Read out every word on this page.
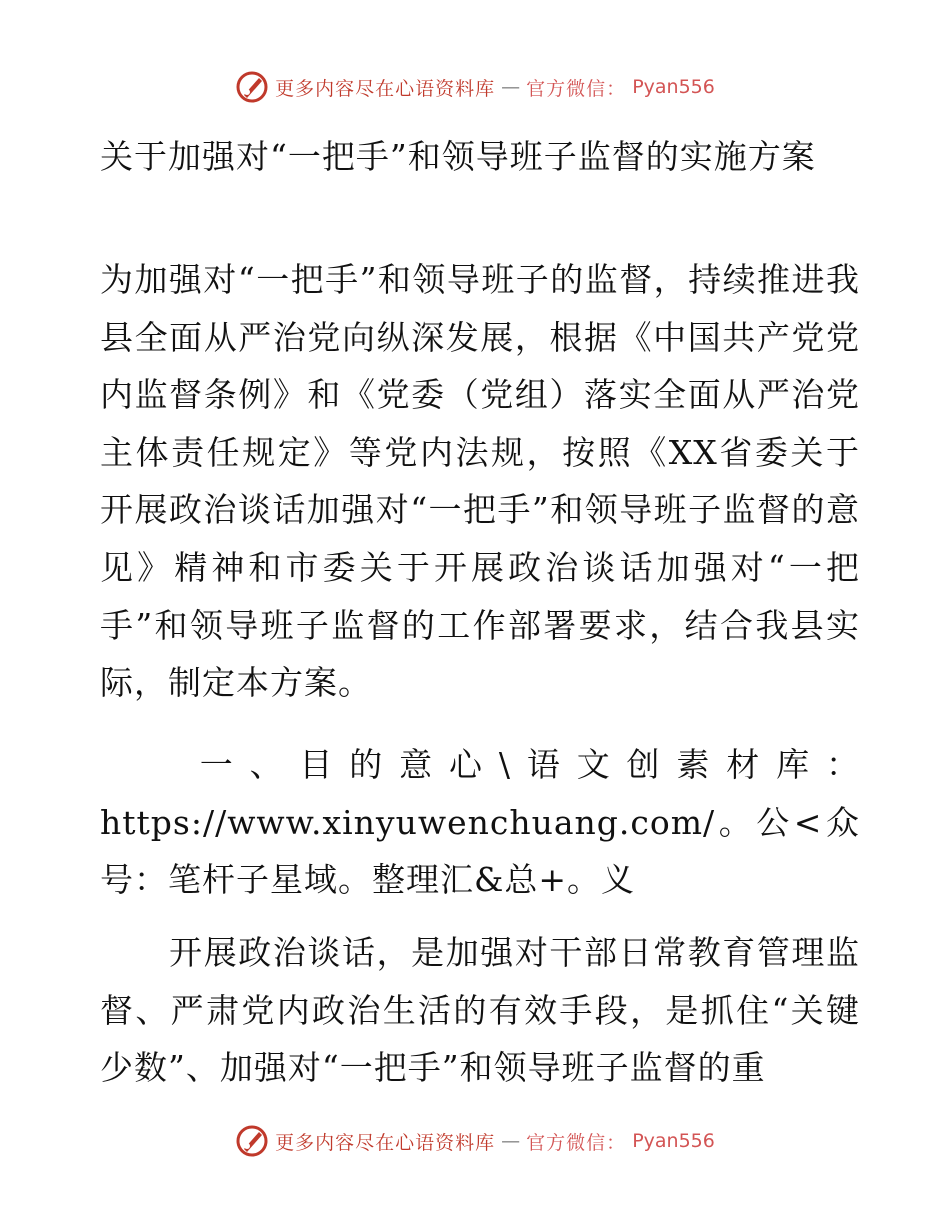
更多内容尽在心语资料库 — 官方微信： Pyan556
关于加强对“一把手”和领导班子监督的实施方案

为加强对“一把手”和领导班子的监督，持续推进我县全面从严治党向纵深发展，根据《中国共产党党内监督条例》和《党委（党组）落实全面从严治党主体责任规定》等党内法规，按照《XX省委关于开展政治谈话加强对“一把手”和领导班子监督的意见》精神和市委关于开展政治谈话加强对“一把手”和领导班子监督的工作部署要求，结合我县实际，制定本方案。

　　一、目的意心\语文创素材库：https://www.xinyuwenchuang.com/。公<众号：笔杆子星域。整理汇&总+。义

　　开展政治谈话，是加强对干部日常教育管理监督、严肃党内政治生活的有效手段，是抓住“关键少数”、加强对“一把手”和领导班子监督的重

更多内容尽在心语资料库 — 官方微信： Pyan556
